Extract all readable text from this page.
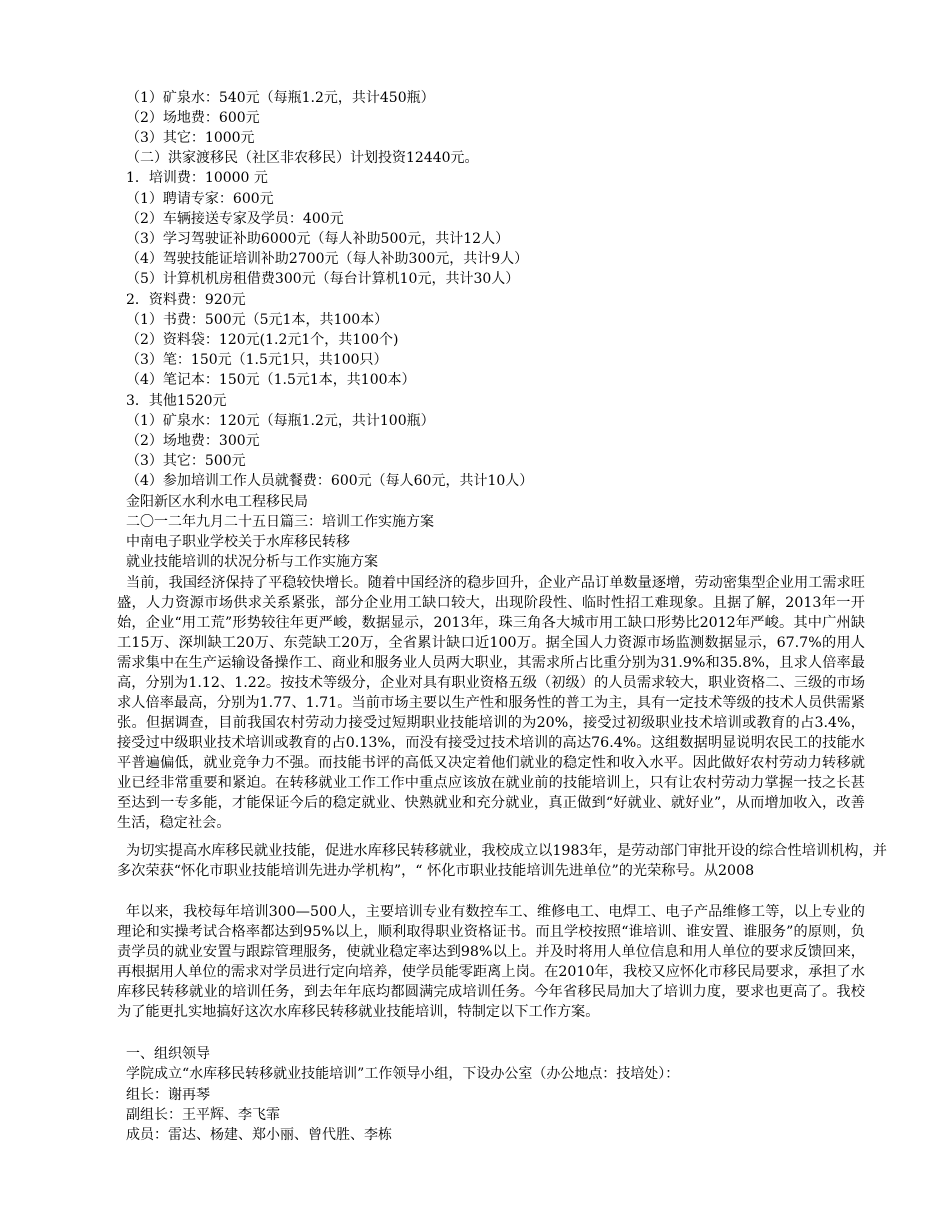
（1）矿泉水：540元（每瓶1.2元，共计450瓶）
（2）场地费：600元
（3）其它：1000元
（二）洪家渡移民（社区非农移民）计划投资12440元。
1．培训费：10000 元
（1）聘请专家：600元
（2）车辆接送专家及学员：400元
（3）学习驾驶证补助6000元（每人补助500元，共计12人）
（4）驾驶技能证培训补助2700元（每人补助300元，共计9人）
（5）计算机机房租借费300元（每台计算机10元，共计30人）
2．资料费：920元
（1）书费：500元（5元1本，共100本）
（2）资料袋：120元(1.2元1个，共100个)
（3）笔：150元（1.5元1只，共100只）
（4）笔记本：150元（1.5元1本，共100本）
3．其他1520元
（1）矿泉水：120元（每瓶1.2元，共计100瓶）
（2）场地费：300元
（3）其它：500元
（4）参加培训工作人员就餐费：600元（每人60元，共计10人）
金阳新区水利水电工程移民局
二〇一二年九月二十五日篇三：培训工作实施方案
中南电子职业学校关于水库移民转移
就业技能培训的状况分析与工作实施方案
当前，我国经济保持了平稳较快增长。随着中国经济的稳步回升，企业产品订单数量逐增，劳动密集型企业用工需求旺盛，人力资源市场供求关系紧张，部分企业用工缺口较大，出现阶段性、临时性招工难现象。且据了解，2013年一开始，企业“用工荒”形势较往年更严峻，数据显示，2013年，珠三角各大城市用工缺口形势比2012年严峻。其中广州缺工15万、深圳缺工20万、东莞缺工20万，全省累计缺口近100万。据全国人力资源市场监测数据显示，67.7%的用人需求集中在生产运输设备操作工、商业和服务业人员两大职业，其需求所占比重分别为31.9%和35.8%，且求人倍率最高，分别为1.12、1.22。按技术等级分，企业对具有职业资格五级（初级）的人员需求较大，职业资格二、三级的市场求人倍率最高，分别为1.77、1.71。当前市场主要以生产性和服务性的普工为主，具有一定技术等级的技术人员供需紧张。但据调查，目前我国农村劳动力接受过短期职业技能培训的为20%，接受过初级职业技术培训或教育的占3.4%，接受过中级职业技术培训或教育的占0.13%，而没有接受过技术培训的高达76.4%。这组数据明显说明农民工的技能水平普遍偏低，就业竞争力不强。而技能书评的高低又决定着他们就业的稳定性和收入水平。因此做好农村劳动力转移就业已经非常重要和紧迫。在转移就业工作工作中重点应该放在就业前的技能培训上，只有让农村劳动力掌握一技之长甚至达到一专多能，才能保证今后的稳定就业、快熟就业和充分就业，真正做到“好就业、就好业”，从而增加收入，改善生活，稳定社会。
为切实提高水库移民就业技能，促进水库移民转移就业，我校成立以1983年，是劳动部门审批开设的综合性培训机构，并多次荣获“怀化市职业技能培训先进办学机构”，“ 怀化市职业技能培训先进单位”的光荣称号。从2008
年以来，我校每年培训300—500人，主要培训专业有数控车工、维修电工、电焊工、电子产品维修工等，以上专业的理论和实操考试合格率都达到95%以上，顺利取得职业资格证书。而且学校按照“谁培训、谁安置、谁服务”的原则，负责学员的就业安置与跟踪管理服务，使就业稳定率达到98%以上。并及时将用人单位信息和用人单位的要求反馈回来，再根据用人单位的需求对学员进行定向培养，使学员能零距离上岗。在2010年，我校又应怀化市移民局要求，承担了水库移民转移就业的培训任务，到去年年底均都圆满完成培训任务。今年省移民局加大了培训力度，要求也更高了。我校为了能更扎实地搞好这次水库移民转移就业技能培训，特制定以下工作方案。
一、组织领导
学院成立“水库移民转移就业技能培训”工作领导小组，下设办公室（办公地点：技培处）：
组长：谢再琴
副组长：王平辉、李飞霏
成员：雷达、杨建、郑小丽、曾代胜、李栋
